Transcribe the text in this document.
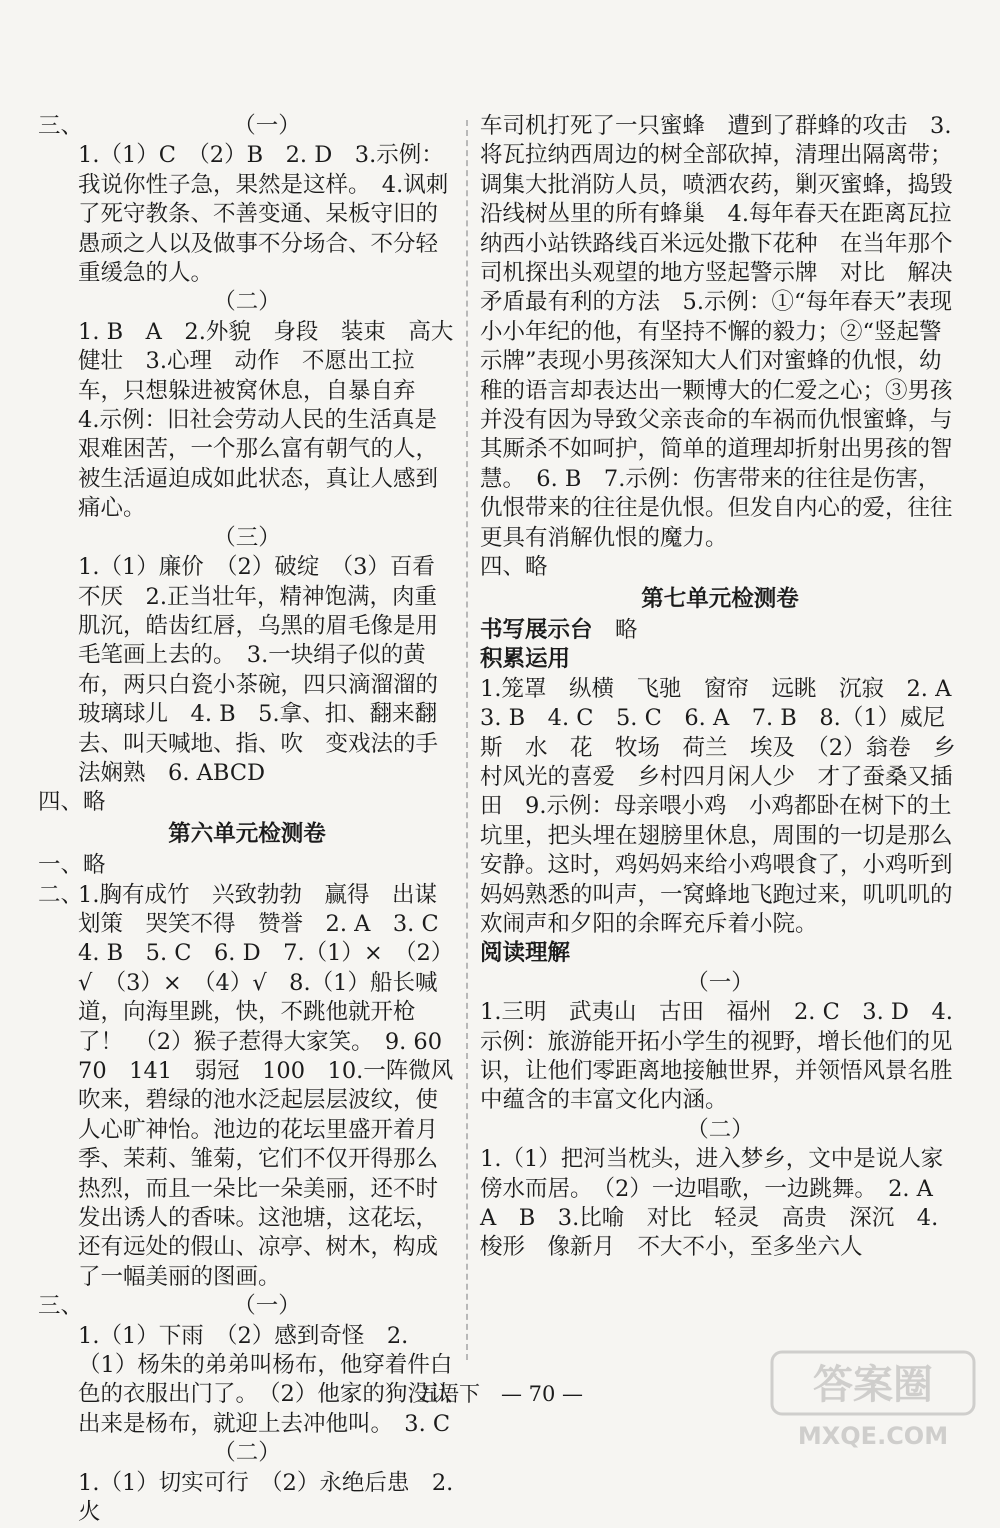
三、	（一）
1.（1）C　（2）B　2. D　3.示例：我说你性子急，果然是这样。　4.讽刺了死守教条、不善变通、呆板守旧的愚顽之人以及做事不分场合、不分轻重缓急的人。
（二）
1. B　A　2.外貌　身段　装束　高大健壮　3.心理　动作　不愿出工拉车，只想躲进被窝休息，自暴自弃　4.示例：旧社会劳动人民的生活真是艰难困苦，一个那么富有朝气的人，被生活逼迫成如此状态，真让人感到痛心。
（三）
1.（1）廉价　（2）破绽　（3）百看不厌　2.正当壮年，精神饱满，肉重肌沉，皓齿红唇，乌黑的眉毛像是用毛笔画上去的。　3.一块绢子似的黄布，两只白瓷小茶碗，四只滴溜溜的玻璃球儿　4. B　5.拿、扣、翻来翻去、叫天喊地、指、吹　变戏法的手法娴熟　6. ABCD
四、略
第六单元检测卷
一、略
二、
1.胸有成竹　兴致勃勃　赢得　出谋划策　哭笑不得　赞誉　2. A　3. C　4. B　5. C　6. D　7.（1）×　（2）√　（3）×　（4）√　8.（1）船长喊道，向海里跳，快，不跳他就开枪了！　（2）猴子惹得大家笑。　9. 60　70　141　弱冠　100　10.一阵微风吹来，碧绿的池水泛起层层波纹，使人心旷神怡。池边的花坛里盛开着月季、茉莉、雏菊，它们不仅开得那么热烈，而且一朵比一朵美丽，还不时发出诱人的香味。这池塘，这花坛，还有远处的假山、凉亭、树木，构成了一幅美丽的图画。
三、	（一）
1.（1）下雨　（2）感到奇怪　2.（1）杨朱的弟弟叫杨布，他穿着件白色的衣服出门了。　（2）他家的狗没认出来是杨布，就迎上去冲他叫。　3. C
（二）
1.（1）切实可行　（2）永绝后患　2.火
车司机打死了一只蜜蜂　遭到了群蜂的攻击　3.将瓦拉纳西周边的树全部砍掉，清理出隔离带；调集大批消防人员，喷洒农药，剿灭蜜蜂，捣毁沿线树丛里的所有蜂巢　4.每年春天在距离瓦拉纳西小站铁路线百米远处撒下花种　在当年那个司机探出头观望的地方竖起警示牌　对比　解决矛盾最有利的方法　5.示例：①“每年春天”表现小小年纪的他，有坚持不懈的毅力；②“竖起警示牌”表现小男孩深知大人们对蜜蜂的仇恨，幼稚的语言却表达出一颗博大的仁爱之心；③男孩并没有因为导致父亲丧命的车祸而仇恨蜜蜂，与其厮杀不如呵护，简单的道理却折射出男孩的智慧。　6. B　7.示例：伤害带来的往往是伤害，仇恨带来的往往是仇恨。但发自内心的爱，往往更具有消解仇恨的魔力。
四、略
第七单元检测卷
书写展示台　略
积累运用
1.笼罩　纵横　飞驰　窗帘　远眺　沉寂　2. A　3. B　4. C　5. C　6. A　7. B　8.（1）威尼斯　水　花　牧场　荷兰　埃及　（2）翁卷　乡村风光的喜爱　乡村四月闲人少　才了蚕桑又插田　9.示例：母亲喂小鸡　小鸡都卧在树下的土坑里，把头埋在翅膀里休息，周围的一切是那么安静。这时，鸡妈妈来给小鸡喂食了，小鸡听到妈妈熟悉的叫声，一窝蜂地飞跑过来，叽叽叽的欢闹声和夕阳的余晖充斥着小院。
阅读理解
（一）
1.三明　武夷山　古田　福州　2. C　3. D　4.示例：旅游能开拓小学生的视野，增长他们的见识，让他们零距离地接触世界，并领悟风景名胜中蕴含的丰富文化内涵。
（二）
1.（1）把河当枕头，进入梦乡，文中是说人家傍水而居。　（2）一边唱歌，一边跳舞。　2. A　A　B　3.比喻　对比　轻灵　高贵　深沉　4.梭形　像新月　不大不小，至多坐六人
五语下　— 70 —	答案圈
MXQE.COM
